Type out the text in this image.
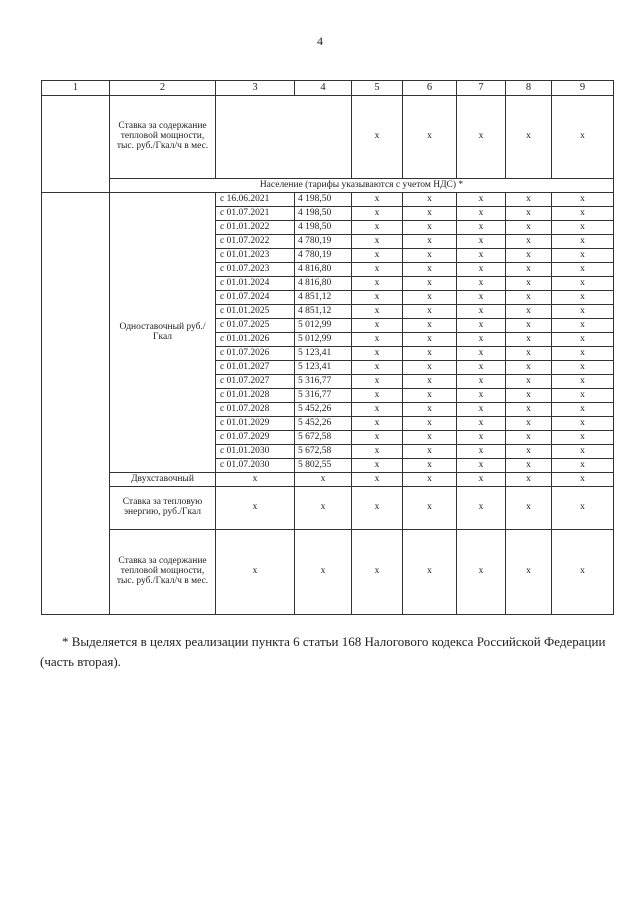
4
1	2	3	4	5	6	7	8	9
	Ставка за содержание тепловой мощности, тыс. руб./Гкал/ч в мес.			х	х	х	х	х
	Население (тарифы указываются с учетом НДС) *							
	Одноставочный руб./Гкал	с 16.06.2021	4 198,50	х	х	х	х	х
		с 01.07.2021	4 198,50	х	х	х	х	х
		с 01.01.2022	4 198,50	х	х	х	х	х
		с 01.07.2022	4 780,19	х	х	х	х	х
		с 01.01.2023	4 780,19	х	х	х	х	х
		с 01.07.2023	4 816,80	х	х	х	х	х
		с 01.01.2024	4 816,80	х	х	х	х	х
		с 01.07.2024	4 851,12	х	х	х	х	х
		с 01.01.2025	4 851,12	х	х	х	х	х
		с 01.07.2025	5 012,99	х	х	х	х	х
		с 01.01.2026	5 012,99	х	х	х	х	х
		с 01.07.2026	5 123,41	х	х	х	х	х
		с 01.01.2027	5 123,41	х	х	х	х	х
		с 01.07.2027	5 316,77	х	х	х	х	х
		с 01.01.2028	5 316,77	х	х	х	х	х
		с 01.07.2028	5 452,26	х	х	х	х	х
		с 01.01.2029	5 452,26	х	х	х	х	х
		с 01.07.2029	5 672,58	х	х	х	х	х
		с 01.01.2030	5 672,58	х	х	х	х	х
		с 01.07.2030	5 802,55	х	х	х	х	х
	Двухставочный	х	х	х	х	х	х	х
	Ставка за тепловую энергию, руб./Гкал	х	х	х	х	х	х	х
	Ставка за содержание тепловой мощности, тыс. руб./Гкал/ч в мес.	х	х	х	х	х	х	х
* Выделяется в целях реализации пункта 6 статьи 168 Налогового кодекса Российской Федерации (часть вторая).
